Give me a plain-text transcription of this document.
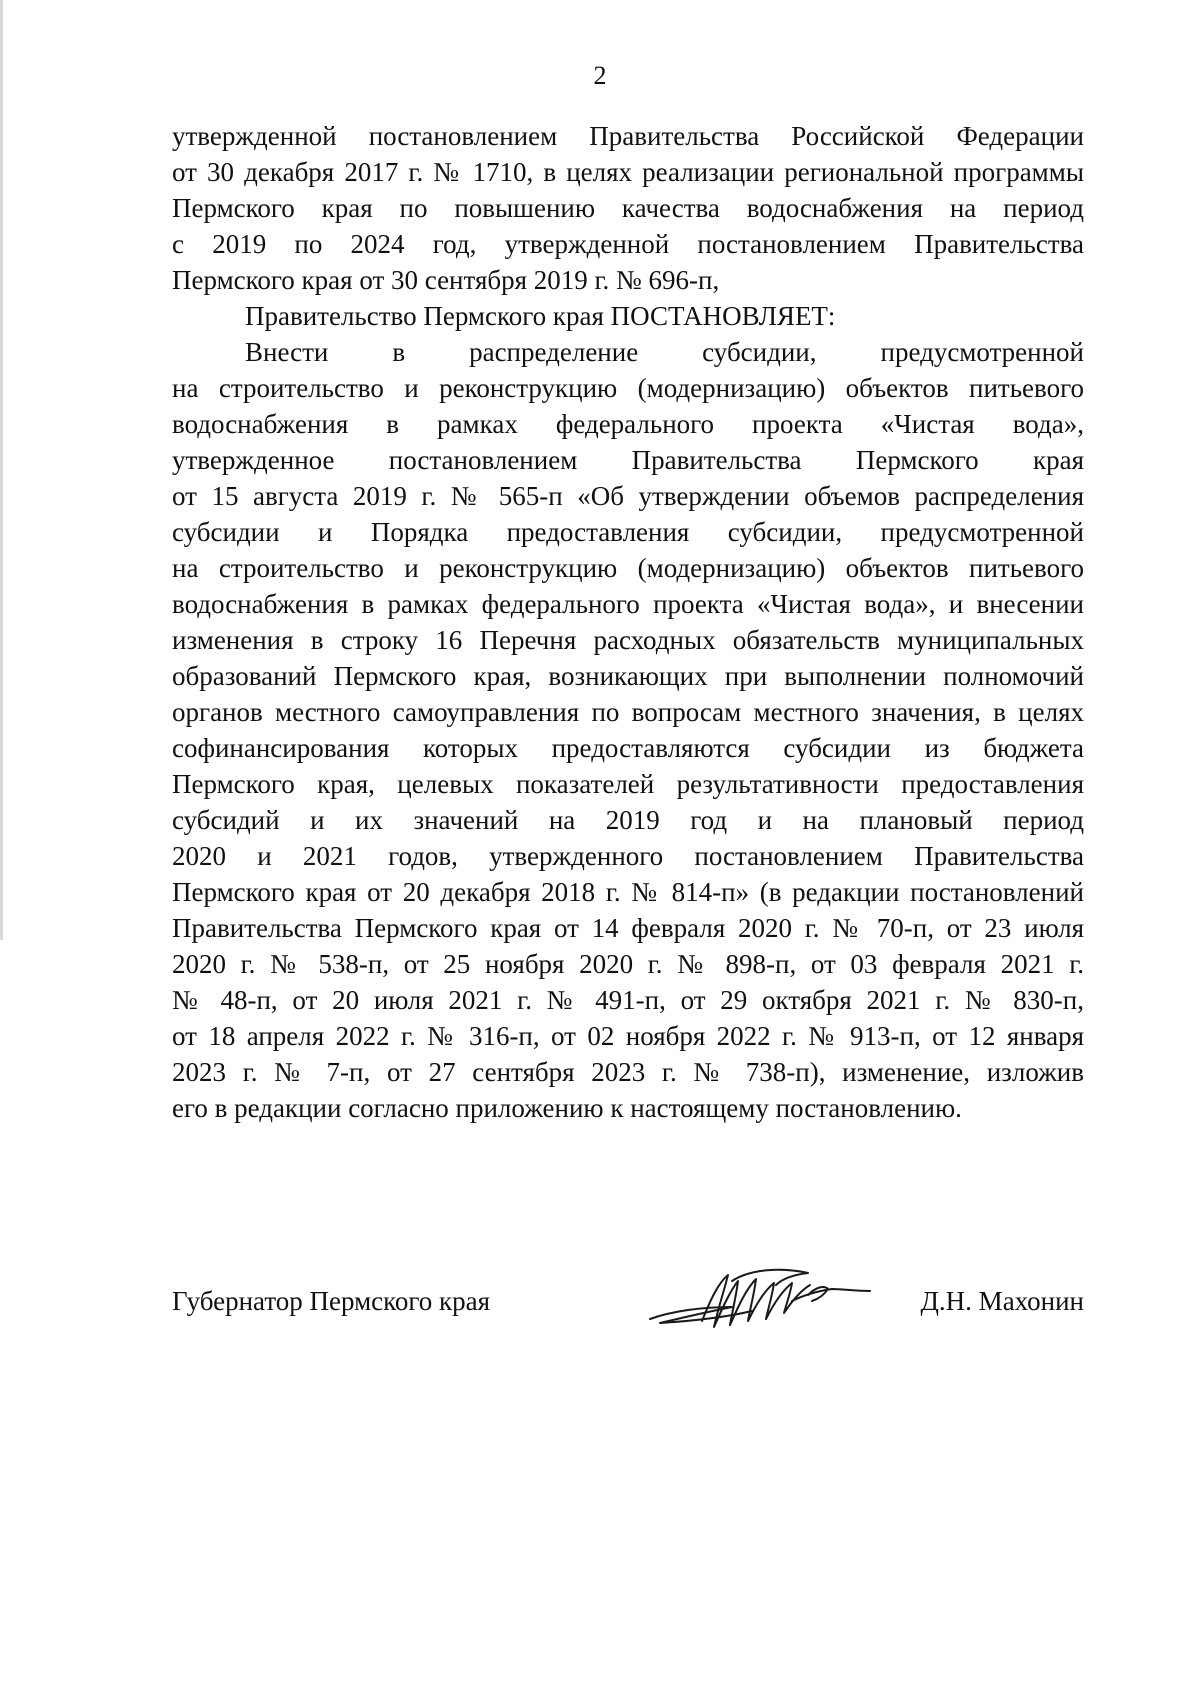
2
утвержденной постановлением Правительства Российской Федерации
от 30 декабря 2017 г. № 1710, в целях реализации региональной программы
Пермского края по повышению качества водоснабжения на период
с 2019 по 2024 год, утвержденной постановлением Правительства
Пермского края от 30 сентября 2019 г. № 696-п,
Правительство Пермского края ПОСТАНОВЛЯЕТ:
Внести в распределение субсидии, предусмотренной
на строительство и реконструкцию (модернизацию) объектов питьевого
водоснабжения в рамках федерального проекта «Чистая вода»,
утвержденное постановлением Правительства Пермского края
от 15 августа 2019 г. № 565-п «Об утверждении объемов распределения
субсидии и Порядка предоставления субсидии, предусмотренной
на строительство и реконструкцию (модернизацию) объектов питьевого
водоснабжения в рамках федерального проекта «Чистая вода», и внесении
изменения в строку 16 Перечня расходных обязательств муниципальных
образований Пермского края, возникающих при выполнении полномочий
органов местного самоуправления по вопросам местного значения, в целях
софинансирования которых предоставляются субсидии из бюджета
Пермского края, целевых показателей результативности предоставления
субсидий и их значений на 2019 год и на плановый период
2020 и 2021 годов, утвержденного постановлением Правительства
Пермского края от 20 декабря 2018 г. № 814-п» (в редакции постановлений
Правительства Пермского края от 14 февраля 2020 г. № 70-п, от 23 июля
2020 г. № 538-п, от 25 ноября 2020 г. № 898-п, от 03 февраля 2021 г.
№ 48-п, от 20 июля 2021 г. № 491-п, от 29 октября 2021 г. № 830-п,
от 18 апреля 2022 г. № 316-п, от 02 ноября 2022 г. № 913-п, от 12 января
2023 г. № 7-п, от 27 сентября 2023 г. № 738-п), изменение, изложив
его в редакции согласно приложению к настоящему постановлению.
Губернатор Пермского края	Д.Н. Махонин
